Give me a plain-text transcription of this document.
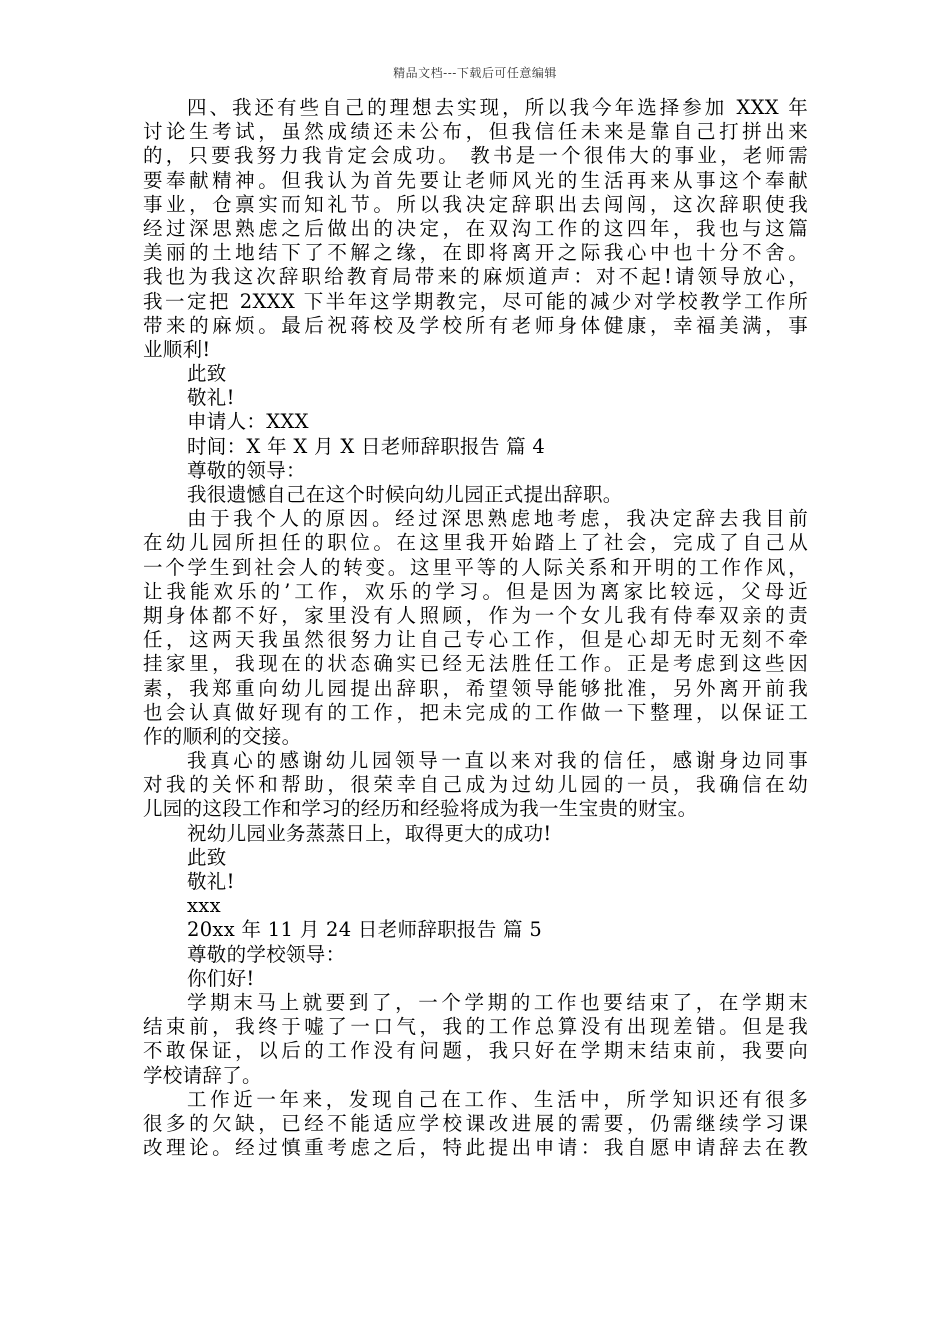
精品文档---下载后可任意编辑
四、我还有些自己的理想去实现，所以我今年选择参加 XXX 年
讨论生考试，虽然成绩还未公布，但我信任未来是靠自己打拼出来
的，只要我努力我肯定会成功。 教书是一个很伟大的事业，老师需
要奉献精神。但我认为首先要让老师风光的生活再来从事这个奉献
事业，仓禀实而知礼节。所以我决定辞职出去闯闯，这次辞职使我
经过深思熟虑之后做出的决定，在双沟工作的这四年，我也与这篇
美丽的土地结下了不解之缘，在即将离开之际我心中也十分不舍。
我也为我这次辞职给教育局带来的麻烦道声：对不起!请领导放心，
我一定把 2XXX 下半年这学期教完，尽可能的减少对学校教学工作所
带来的麻烦。最后祝蒋校及学校所有老师身体健康，幸福美满，事
业顺利!
此致
敬礼!
申请人：XXX
时间：X 年 X 月 X 日老师辞职报告 篇 4
尊敬的领导：
我很遗憾自己在这个时候向幼儿园正式提出辞职。
由于我个人的原因。经过深思熟虑地考虑，我决定辞去我目前
在幼儿园所担任的职位。在这里我开始踏上了社会，完成了自己从
一个学生到社会人的转变。这里平等的人际关系和开明的工作作风，
让我能欢乐的’工作，欢乐的学习。但是因为离家比较远，父母近
期身体都不好，家里没有人照顾，作为一个女儿我有侍奉双亲的责
任，这两天我虽然很努力让自己专心工作，但是心却无时无刻不牵
挂家里，我现在的状态确实已经无法胜任工作。正是考虑到这些因
素，我郑重向幼儿园提出辞职，希望领导能够批准，另外离开前我
也会认真做好现有的工作，把未完成的工作做一下整理，以保证工
作的顺利的交接。
我真心的感谢幼儿园领导一直以来对我的信任，感谢身边同事
对我的关怀和帮助，很荣幸自己成为过幼儿园的一员，我确信在幼
儿园的这段工作和学习的经历和经验将成为我一生宝贵的财宝。
祝幼儿园业务蒸蒸日上，取得更大的成功!
此致
敬礼!
xxx
20xx 年 11 月 24 日老师辞职报告 篇 5
尊敬的学校领导：
你们好!
学期末马上就要到了，一个学期的工作也要结束了，在学期末
结束前，我终于嘘了一口气，我的工作总算没有出现差错。但是我
不敢保证，以后的工作没有问题，我只好在学期末结束前，我要向
学校请辞了。
工作近一年来，发现自己在工作、生活中，所学知识还有很多
很多的欠缺，已经不能适应学校课改进展的需要，仍需继续学习课
改理论。经过慎重考虑之后，特此提出申请：我自愿申请辞去在教
